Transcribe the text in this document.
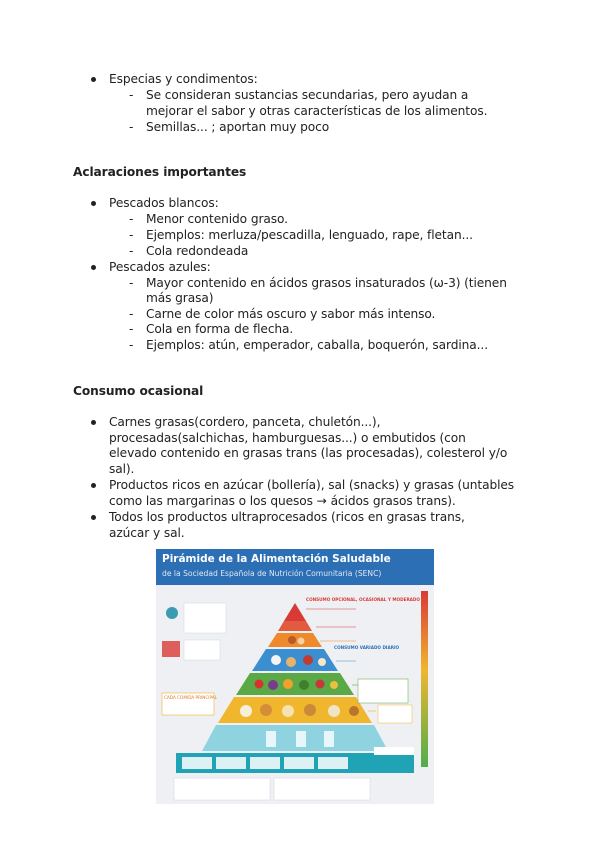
Especias y condimentos:
- Se consideran sustancias secundarias, pero ayudan a
mejorar el sabor y otras características de los alimentos.
- Semillas... ; aportan muy poco
Aclaraciones importantes
Pescados blancos:
- Menor contenido graso.
- Ejemplos: merluza/pescadilla, lenguado, rape, fletan...
- Cola redondeada
Pescados azules:
- Mayor contenido en ácidos grasos insaturados (ω-3) (tienen
más grasa)
- Carne de color más oscuro y sabor más intenso.
- Cola en forma de flecha.
- Ejemplos: atún, emperador, caballa, boquerón, sardina...
Consumo ocasional
Carnes grasas(cordero, panceta, chuletón...),
procesadas(salchichas, hamburguesas...) o embutidos (con
elevado contenido en grasas trans (las procesadas), colesterol y/o
sal).
Productos ricos en azúcar (bollería), sal (snacks) y grasas (untables
como las margarinas o los quesos → ácidos grasos trans).
Todos los productos ultraprocesados (ricos en grasas trans,
azúcar y sal.
Pirámide de la Alimentación Saludable
de la Sociedad Española de Nutrición Comunitaria (SENC)
CONSUMO OPCIONAL, OCASIONAL Y MODERADO
CONSUMO VARIADO DIARIO
CADA COMIDA PRINCIPAL
